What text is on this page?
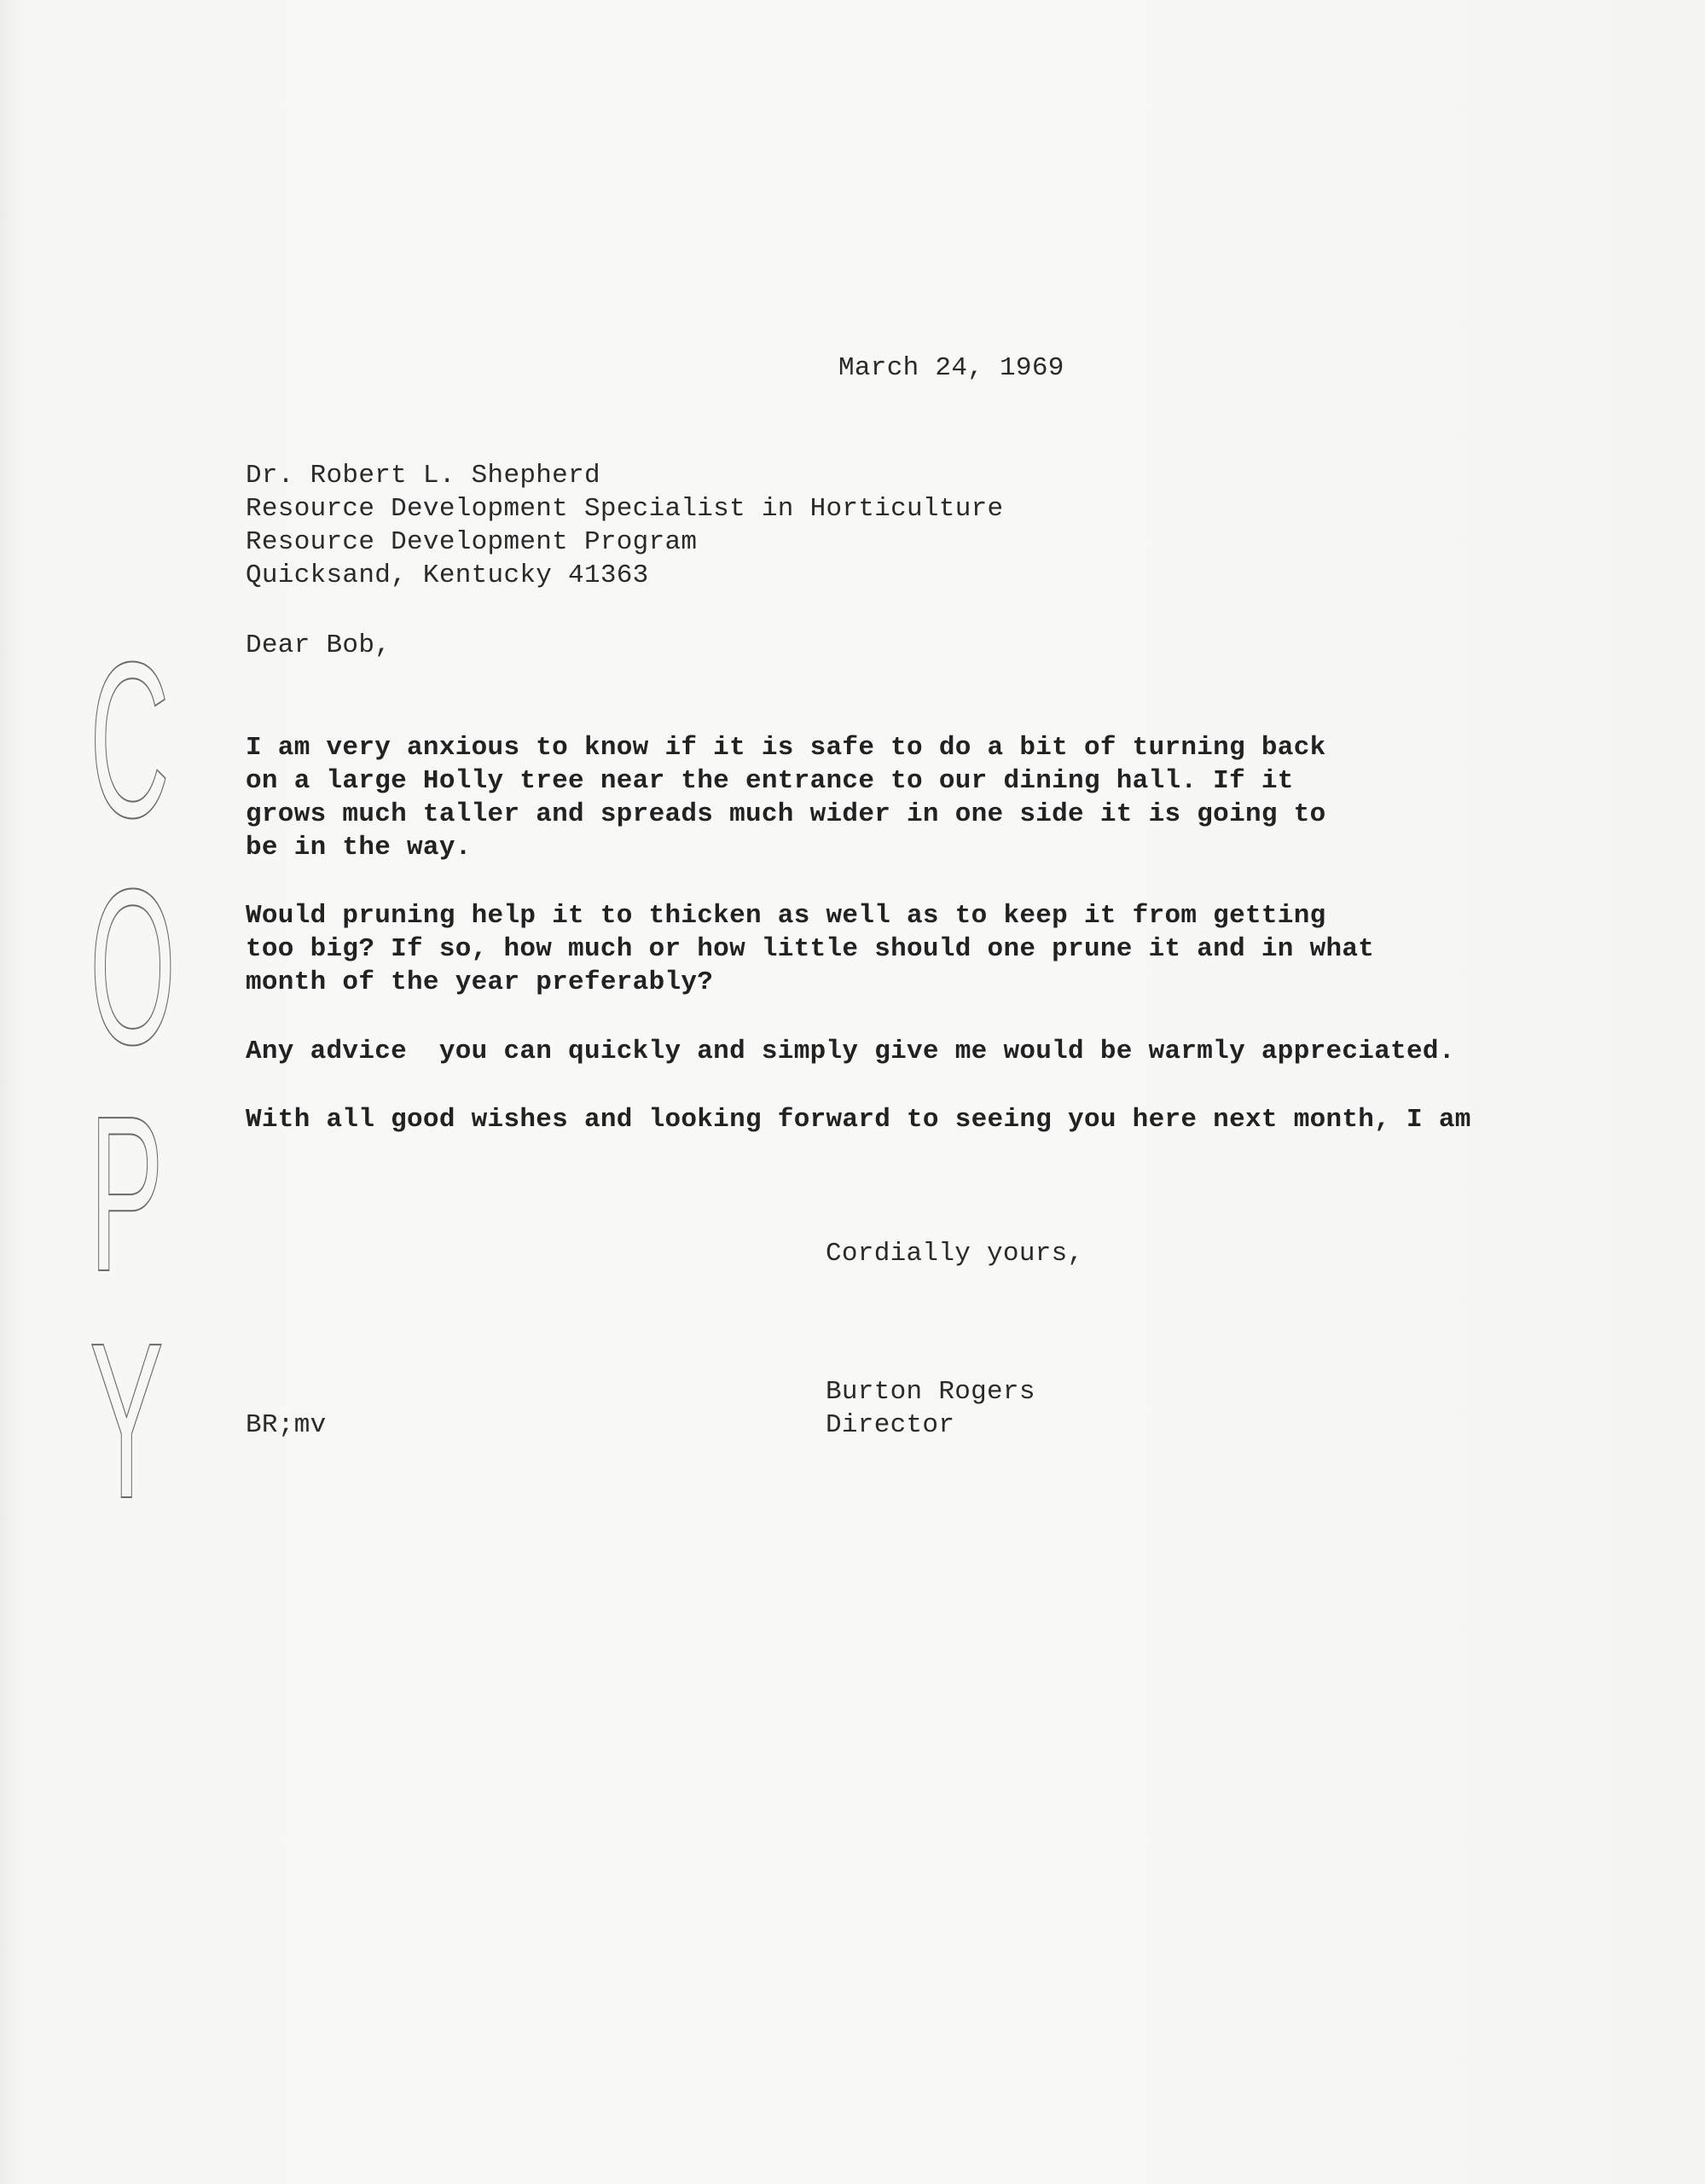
C
O
P
Y
March 24, 1969
Dr. Robert L. Shepherd
Resource Development Specialist in Horticulture
Resource Development Program
Quicksand, Kentucky 41363
Dear Bob,
I am very anxious to know if it is safe to do a bit of turning back
on a large Holly tree near the entrance to our dining hall. If it
grows much taller and spreads much wider in one side it is going to
be in the way.
Would pruning help it to thicken as well as to keep it from getting
too big? If so, how much or how little should one prune it and in what
month of the year preferably?
Any advice  you can quickly and simply give me would be warmly appreciated.
With all good wishes and looking forward to seeing you here next month, I am
Cordially yours,
Burton Rogers
Director
BR;mv
